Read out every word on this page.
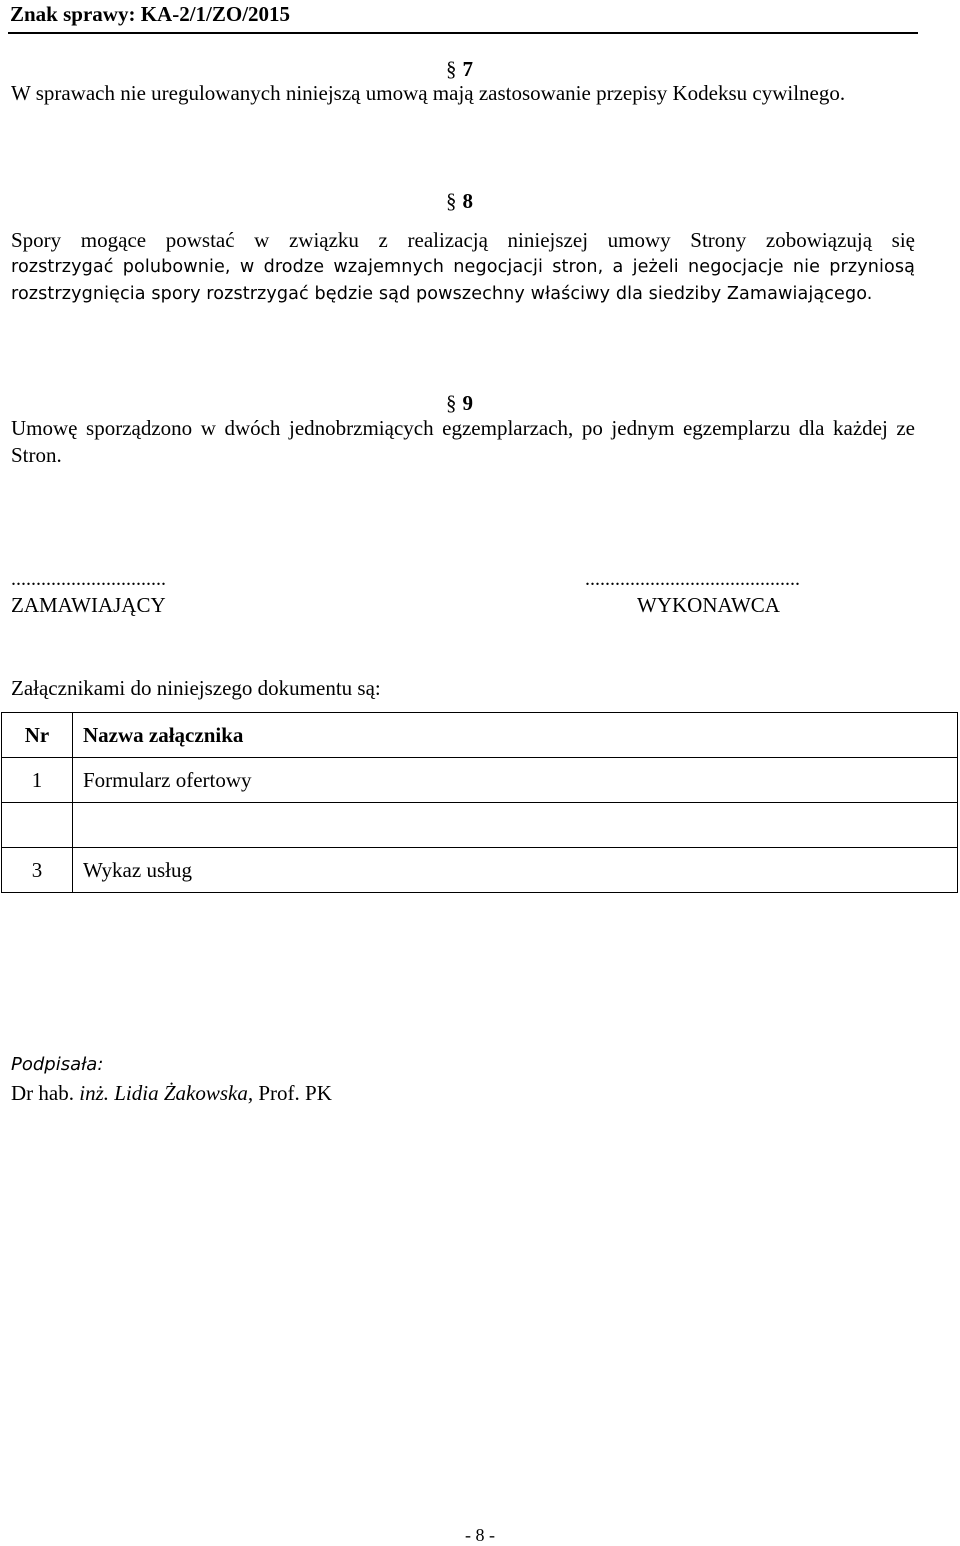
Znak sprawy: KA-2/1/ZO/2015
§ 7
W sprawach nie uregulowanych niniejszą umową mają zastosowanie przepisy Kodeksu cywilnego.
§ 8
Spory mogące powstać w związku z realizacją niniejszej umowy Strony zobowiązują się
rozstrzygać polubownie, w drodze wzajemnych negocjacji stron, a jeżeli negocjacje nie przyniosą rozstrzygnięcia spory rozstrzygać będzie sąd powszechny właściwy dla siedziby Zamawiającego.
§ 9
Umowę sporządzono w dwóch jednobrzmiących egzemplarzach, po jednym egzemplarzu dla każdej ze Stron.
...............................
ZAMAWIAJĄCY
...........................................
WYKONAWCA
Załącznikami do niniejszego dokumentu są:
Nr	Nazwa załącznika
1	Formularz ofertowy

3	Wykaz usług
Podpisała:
Dr hab. inż. Lidia Żakowska, Prof. PK
- 8 -
